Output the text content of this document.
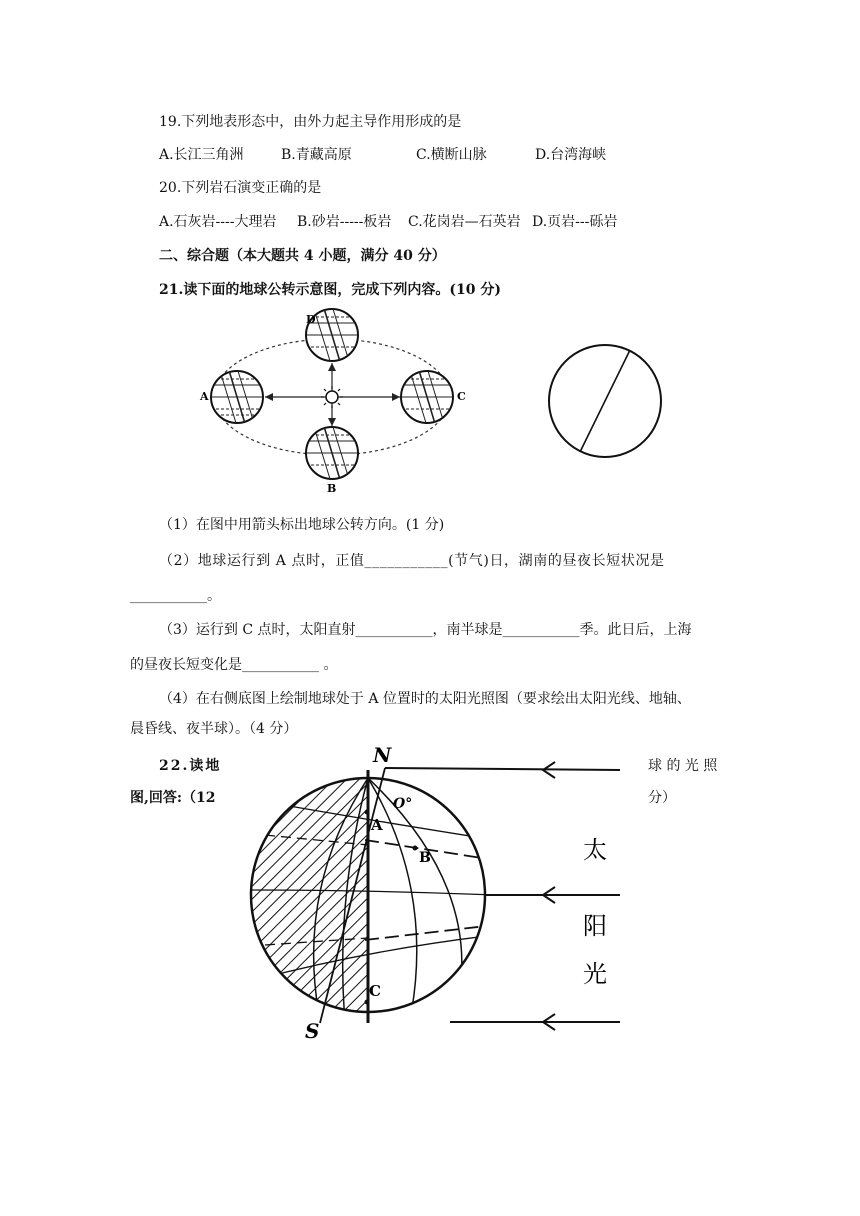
19.下列地表形态中，由外力起主导作用形成的是
A.长江三角洲	B.青藏高原	C.横断山脉	D.台湾海峡
20.下列岩石演变正确的是
A.石灰岩----大理岩 B.砂岩-----板岩 C.花岗岩—石英岩 D.页岩---砾岩
二、综合题（本大题共 4 小题，满分 40 分）
21.读下面的地球公转示意图，完成下列内容。(10 分)
A
B
C
D
（1）在图中用箭头标出地球公转方向。(1 分)
（2）地球运行到 A 点时，正值___________(节气)日，湖南的昼夜长短状况是
___________。
（3）运行到 C 点时，太阳直射___________，南半球是___________季。此日后，上海
的昼夜长短变化是___________ 。
（4）在右侧底图上绘制地球处于 A 位置时的太阳光照图（要求绘出太阳光线、地轴、
晨昏线、夜半球）。（4 分）
22.读地
图,回答:（12
球 的 光 照
分）
N
S
A
B
C
O°
太
阳
光
